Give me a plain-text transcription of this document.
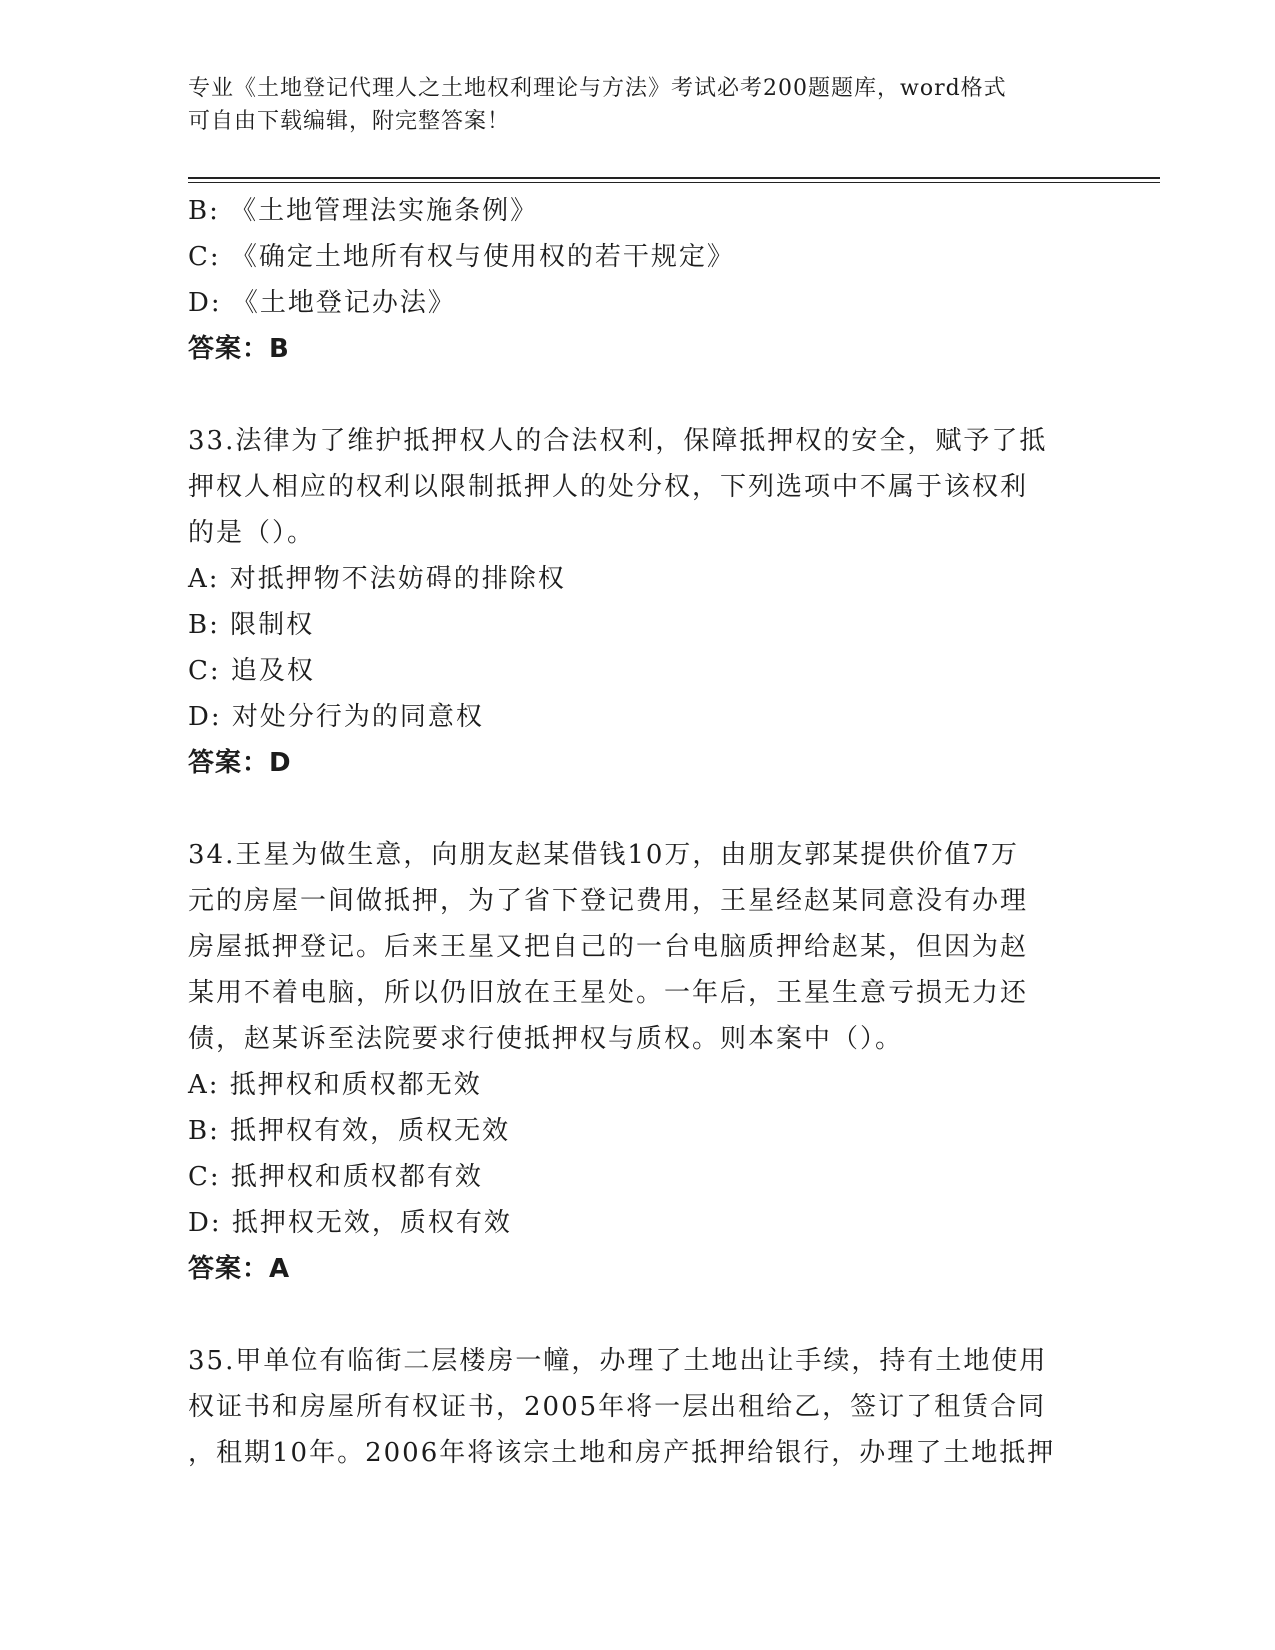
专业《土地登记代理人之土地权利理论与方法》考试必考200题题库，word格式
可自由下载编辑，附完整答案！
B: 《土地管理法实施条例》
C: 《确定土地所有权与使用权的若干规定》
D: 《土地登记办法》
答案：B
33.法律为了维护抵押权人的合法权利，保障抵押权的安全，赋予了抵
押权人相应的权利以限制抵押人的处分权，下列选项中不属于该权利
的是（）。
A: 对抵押物不法妨碍的排除权
B: 限制权
C: 追及权
D: 对处分行为的同意权
答案：D
34.王星为做生意，向朋友赵某借钱10万，由朋友郭某提供价值7万
元的房屋一间做抵押，为了省下登记费用，王星经赵某同意没有办理
房屋抵押登记。后来王星又把自己的一台电脑质押给赵某，但因为赵
某用不着电脑，所以仍旧放在王星处。一年后，王星生意亏损无力还
债，赵某诉至法院要求行使抵押权与质权。则本案中（）。
A: 抵押权和质权都无效
B: 抵押权有效，质权无效
C: 抵押权和质权都有效
D: 抵押权无效，质权有效
答案：A
35.甲单位有临街二层楼房一幢，办理了土地出让手续，持有土地使用
权证书和房屋所有权证书，2005年将一层出租给乙，签订了租赁合同
，租期10年。2006年将该宗土地和房产抵押给银行，办理了土地抵押
